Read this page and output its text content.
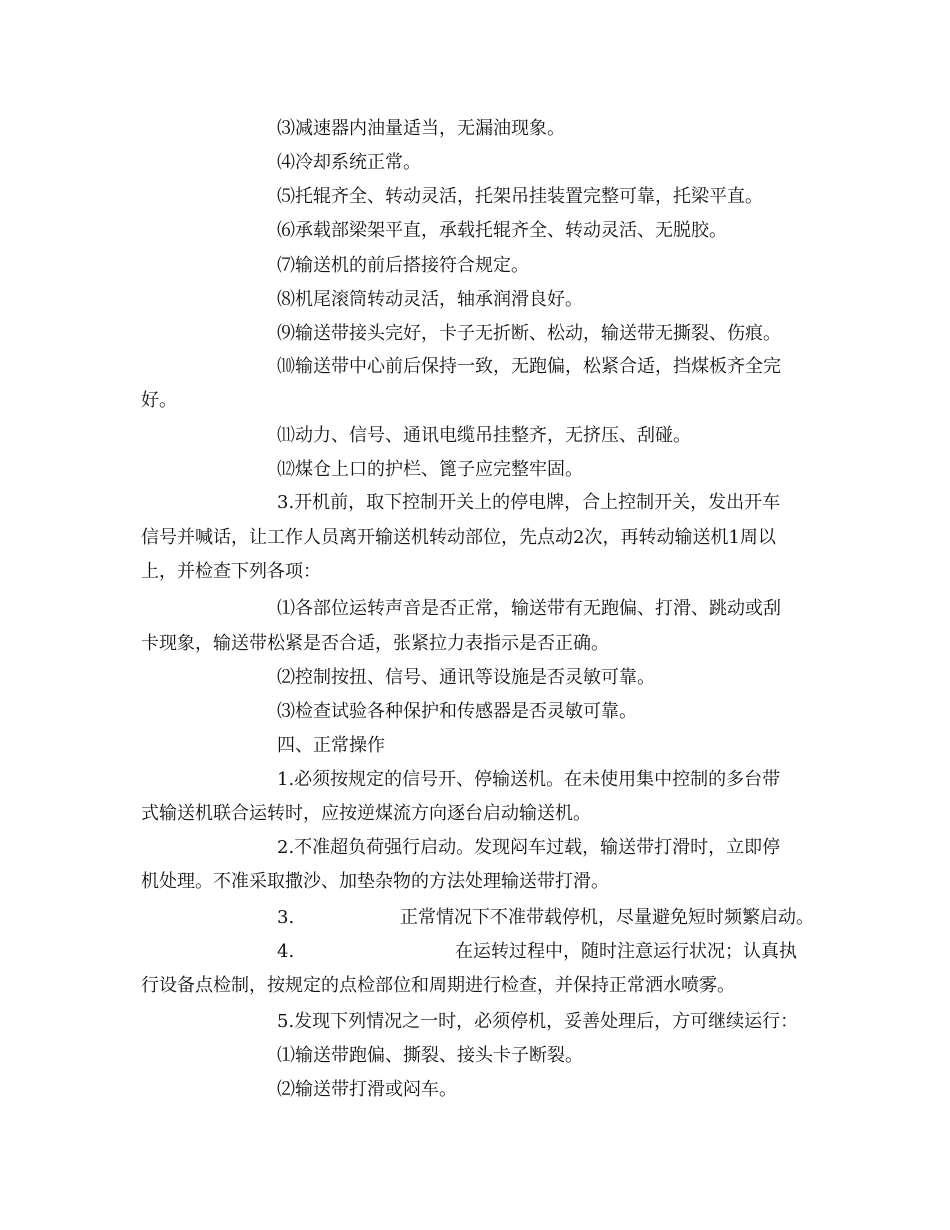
⑶减速器内油量适当，无漏油现象。
⑷冷却系统正常。
⑸托辊齐全、转动灵活，托架吊挂装置完整可靠，托梁平直。
⑹承载部梁架平直，承载托辊齐全、转动灵活、无脱胶。
⑺输送机的前后搭接符合规定。
⑻机尾滚筒转动灵活，轴承润滑良好。
⑼输送带接头完好，卡子无折断、松动，输送带无撕裂、伤痕。
⑽输送带中心前后保持一致，无跑偏，松紧合适，挡煤板齐全完
好。
⑾动力、信号、通讯电缆吊挂整齐，无挤压、刮碰。
⑿煤仓上口的护栏、篦子应完整牢固。
3.开机前，取下控制开关上的停电牌，合上控制开关，发出开车
信号并喊话，让工作人员离开输送机转动部位，先点动2次，再转动输送机1周以
上，并检查下列各项：
⑴各部位运转声音是否正常，输送带有无跑偏、打滑、跳动或刮
卡现象，输送带松紧是否合适，张紧拉力表指示是否正确。
⑵控制按扭、信号、通讯等设施是否灵敏可靠。
⑶检查试验各种保护和传感器是否灵敏可靠。
四、正常操作
1.必须按规定的信号开、停输送机。在未使用集中控制的多台带
式输送机联合运转时，应按逆煤流方向逐台启动输送机。
2.不准超负荷强行启动。发现闷车过载，输送带打滑时，立即停
机处理。不准采取撒沙、加垫杂物的方法处理输送带打滑。
3.	正常情况下不准带载停机，尽量避免短时频繁启动。
4.	在运转过程中，随时注意运行状况；认真执
行设备点检制，按规定的点检部位和周期进行检查，并保持正常洒水喷雾。
5.发现下列情况之一时，必须停机，妥善处理后，方可继续运行：
⑴输送带跑偏、撕裂、接头卡子断裂。
⑵输送带打滑或闷车。
